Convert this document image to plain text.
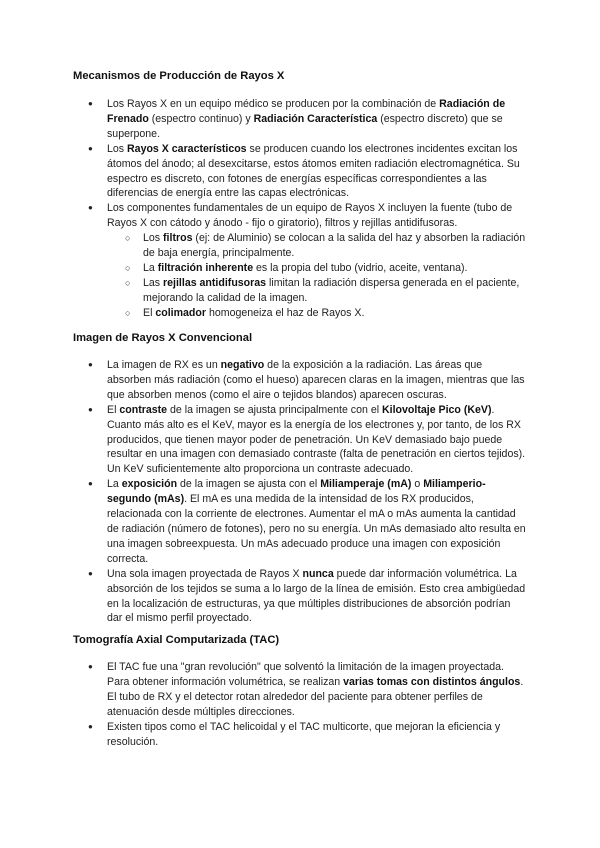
Mecanismos de Producción de Rayos X
● Los Rayos X en un equipo médico se producen por la combinación de Radiación de Frenado (espectro continuo) y Radiación Característica (espectro discreto) que se superpone.
● Los Rayos X característicos se producen cuando los electrones incidentes excitan los átomos del ánodo; al desexcitarse, estos átomos emiten radiación electromagnética. Su espectro es discreto, con fotones de energías específicas correspondientes a las diferencias de energía entre las capas electrónicas.
● Los componentes fundamentales de un equipo de Rayos X incluyen la fuente (tubo de Rayos X con cátodo y ánodo - fijo o giratorio), filtros y rejillas antidifusoras.
○ Los filtros (ej: de Aluminio) se colocan a la salida del haz y absorben la radiación de baja energía, principalmente.
○ La filtración inherente es la propia del tubo (vidrio, aceite, ventana).
○ Las rejillas antidifusoras limitan la radiación dispersa generada en el paciente, mejorando la calidad de la imagen.
○ El colimador homogeneiza el haz de Rayos X.
Imagen de Rayos X Convencional
● La imagen de RX es un negativo de la exposición a la radiación. Las áreas que absorben más radiación (como el hueso) aparecen claras en la imagen, mientras que las que absorben menos (como el aire o tejidos blandos) aparecen oscuras.
● El contraste de la imagen se ajusta principalmente con el Kilovoltaje Pico (KeV). Cuanto más alto es el KeV, mayor es la energía de los electrones y, por tanto, de los RX producidos, que tienen mayor poder de penetración. Un KeV demasiado bajo puede resultar en una imagen con demasiado contraste (falta de penetración en ciertos tejidos). Un KeV suficientemente alto proporciona un contraste adecuado.
● La exposición de la imagen se ajusta con el Miliamperaje (mA) o Miliamperio-segundo (mAs). El mA es una medida de la intensidad de los RX producidos, relacionada con la corriente de electrones. Aumentar el mA o mAs aumenta la cantidad de radiación (número de fotones), pero no su energía. Un mAs demasiado alto resulta en una imagen sobreexpuesta. Un mAs adecuado produce una imagen con exposición correcta.
● Una sola imagen proyectada de Rayos X nunca puede dar información volumétrica. La absorción de los tejidos se suma a lo largo de la línea de emisión. Esto crea ambigüedad en la localización de estructuras, ya que múltiples distribuciones de absorción podrían dar el mismo perfil proyectado.
Tomografía Axial Computarizada (TAC)
● El TAC fue una "gran revolución" que solventó la limitación de la imagen proyectada. Para obtener información volumétrica, se realizan varias tomas con distintos ángulos. El tubo de RX y el detector rotan alrededor del paciente para obtener perfiles de atenuación desde múltiples direcciones.
● Existen tipos como el TAC helicoidal y el TAC multicorte, que mejoran la eficiencia y resolución.
